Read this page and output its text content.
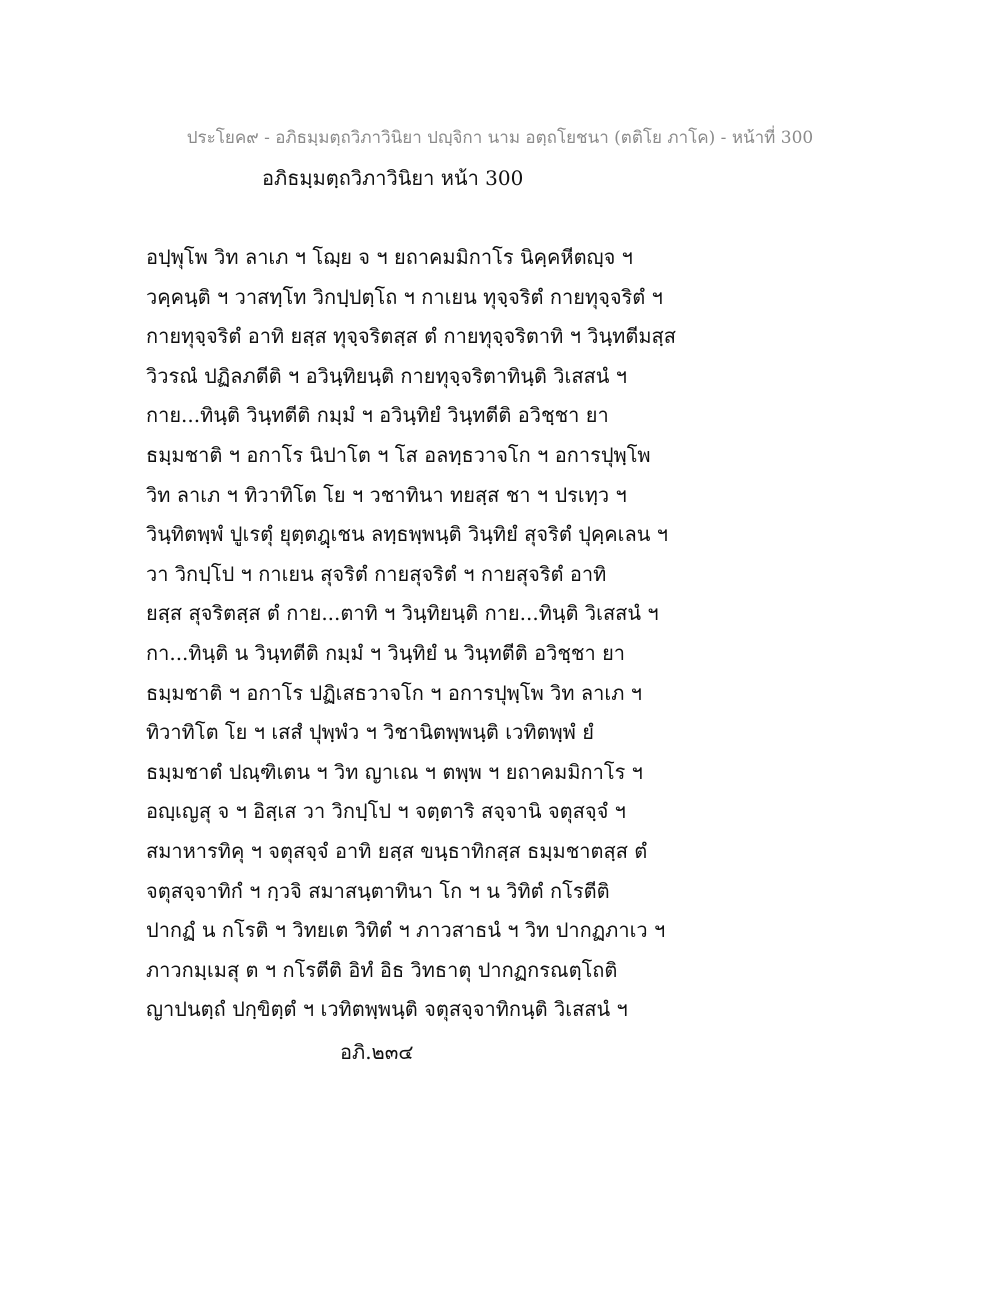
ประโยค๙ - อภิธมฺมตฺถวิภาวินิยา ปญฺจิกา นาม อตฺถโยชนา (ตติโย ภาโค) - หน้าที่ 300
อภิธมฺมตฺถวิภาวินิยา หน้า 300
อปฺพุโพ วิท ลาเภ ฯ โฌฺย จ ฯ ยถาคมมิกาโร นิคฺคหีตญฺจ ฯ
วคฺคนฺติ ฯ วาสทฺโท วิกปฺปตฺโถ ฯ กาเยน ทุจฺจริตํ กายทุจฺจริตํ ฯ
กายทุจฺจริตํ อาทิ ยสฺส ทุจฺจริตสฺส ตํ กายทุจฺจริตาทิ ฯ วินฺทตีมสฺส
วิวรณํ ปฏิลภตีติ ฯ อวินฺทิยนฺติ กายทุจฺจริตาทินฺติ วิเสสนํ ฯ
กาย...ทินฺติ วินฺทตีติ กมฺมํ ฯ อวินฺทิยํ วินฺทตีติ อวิชฺชา ยา
ธมฺมชาติ ฯ อกาโร นิปาโต ฯ โส อลทฺธวาจโก ฯ อการปุพฺโพ
วิท ลาเภ ฯ ทิวาทิโต โย ฯ วชาทินา ทยสฺส ชา ฯ ปรเทฺว ฯ
วินฺทิตพฺพํ ปูเรตุํ ยุตฺตฎฺเชน ลทฺธพฺพนฺติ วินฺทิยํ สุจริตํ ปุคฺคเลน ฯ
วา วิกปฺโป ฯ กาเยน สุจริตํ กายสุจริตํ ฯ กายสุจริตํ อาทิ
ยสฺส สุจริตสฺส ตํ กาย...ตาทิ ฯ วินฺทิยนฺติ กาย...ทินฺติ วิเสสนํ ฯ
กา...ทินฺติ น วินฺทตีติ กมฺมํ ฯ วินฺทิยํ น วินฺทตีติ อวิชฺชา ยา
ธมฺมชาติ ฯ อกาโร ปฏิเสธวาจโก ฯ อการปุพฺโพ วิท ลาเภ ฯ
ทิวาทิโต โย ฯ เสสํ ปุพฺพํว ฯ วิชานิตพฺพนฺติ เวทิตพฺพํ ยํ
ธมฺมชาตํ ปณฺฑิเตน ฯ วิท ญาเณ ฯ ตพฺพ ฯ ยถาคมมิกาโร ฯ
อญฺเญสุ จ ฯ อิสฺเส วา วิกปฺโป ฯ จตฺตาริ สจฺจานิ จตุสจฺจํ ฯ
สมาหารทิคุ ฯ จตุสจฺจํ อาทิ ยสฺส ขนฺธาทิกสฺส ธมฺมชาตสฺส ตํ
จตุสจฺจาทิกํ ฯ กฺวจิ สมาสนฺตาทินา โก ฯ น วิทิตํ กโรตีติ
ปากฏํ น กโรติ ฯ วิทยเต วิทิตํ ฯ ภาวสาธนํ ฯ วิท ปากฏภาเว ฯ
ภาวกมฺเมสุ ต ฯ กโรตีติ อิทํ อิธ วิทธาตุ ปากฏกรณตฺโถติ
ญาปนตฺถํ ปกฺขิตฺตํ ฯ เวทิตพฺพนฺติ จตุสจฺจาทิกนฺติ วิเสสนํ ฯ
อภิ.๒๓๔
